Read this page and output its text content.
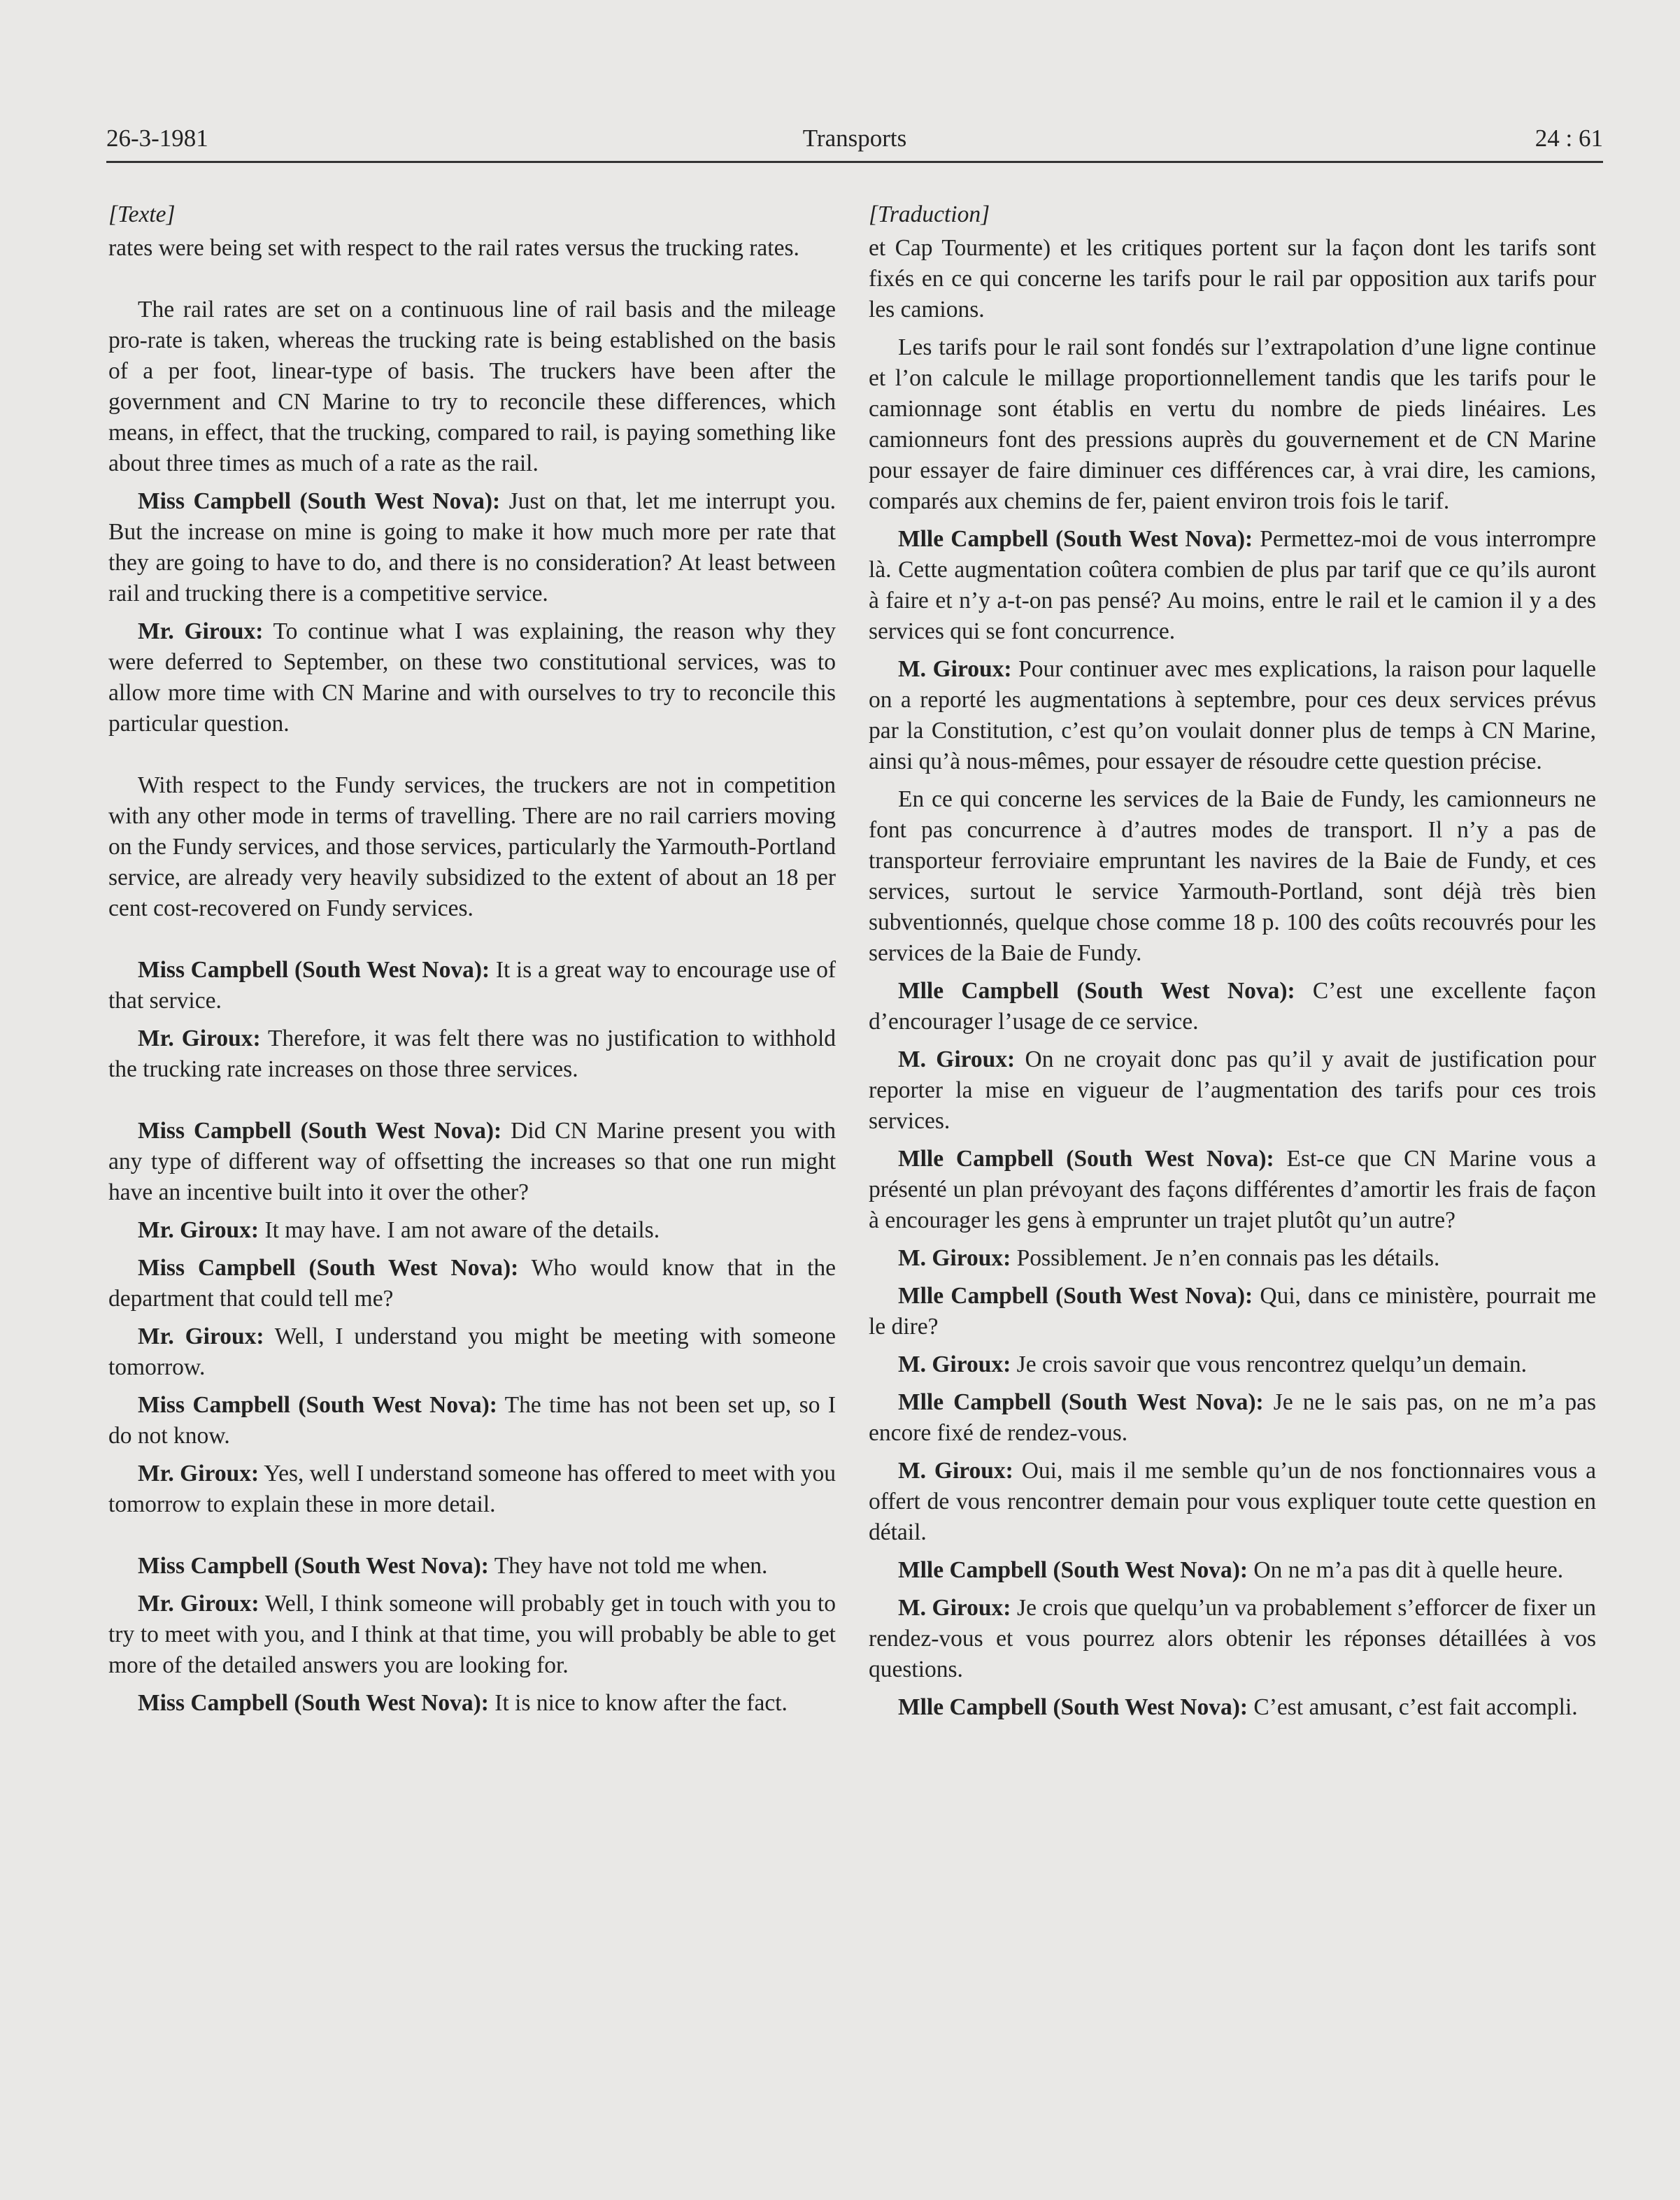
26-3-1981	Transports	24 : 61
[Texte]

rates were being set with respect to the rail rates versus the trucking rates.

The rail rates are set on a continuous line of rail basis and the mileage pro-rate is taken, whereas the trucking rate is being established on the basis of a per foot, linear-type of basis. The truckers have been after the government and CN Marine to try to reconcile these differences, which means, in effect, that the trucking, compared to rail, is paying something like about three times as much of a rate as the rail.

Miss Campbell (South West Nova): Just on that, let me interrupt you. But the increase on mine is going to make it how much more per rate that they are going to have to do, and there is no consideration? At least between rail and trucking there is a competitive service.

Mr. Giroux: To continue what I was explaining, the reason why they were deferred to September, on these two constitutional services, was to allow more time with CN Marine and with ourselves to try to reconcile this particular question.

With respect to the Fundy services, the truckers are not in competition with any other mode in terms of travelling. There are no rail carriers moving on the Fundy services, and those services, particularly the Yarmouth-Portland service, are already very heavily subsidized to the extent of about an 18 per cent cost-recovered on Fundy services.

Miss Campbell (South West Nova): It is a great way to encourage use of that service.

Mr. Giroux: Therefore, it was felt there was no justification to withhold the trucking rate increases on those three services.

Miss Campbell (South West Nova): Did CN Marine present you with any type of different way of offsetting the increases so that one run might have an incentive built into it over the other?

Mr. Giroux: It may have. I am not aware of the details.

Miss Campbell (South West Nova): Who would know that in the department that could tell me?

Mr. Giroux: Well, I understand you might be meeting with someone tomorrow.

Miss Campbell (South West Nova): The time has not been set up, so I do not know.

Mr. Giroux: Yes, well I understand someone has offered to meet with you tomorrow to explain these in more detail.

Miss Campbell (South West Nova): They have not told me when.

Mr. Giroux: Well, I think someone will probably get in touch with you to try to meet with you, and I think at that time, you will probably be able to get more of the detailed answers you are looking for.

Miss Campbell (South West Nova): It is nice to know after the fact.

[Traduction]

et Cap Tourmente) et les critiques portent sur la façon dont les tarifs sont fixés en ce qui concerne les tarifs pour le rail par opposition aux tarifs pour les camions.

Les tarifs pour le rail sont fondés sur l’extrapolation d’une ligne continue et l’on calcule le millage proportionnellement tandis que les tarifs pour le camionnage sont établis en vertu du nombre de pieds linéaires. Les camionneurs font des pressions auprès du gouvernement et de CN Marine pour essayer de faire diminuer ces différences car, à vrai dire, les camions, comparés aux chemins de fer, paient environ trois fois le tarif.

Mlle Campbell (South West Nova): Permettez-moi de vous interrompre là. Cette augmentation coûtera combien de plus par tarif que ce qu’ils auront à faire et n’y a-t-on pas pensé? Au moins, entre le rail et le camion il y a des services qui se font concurrence.

M. Giroux: Pour continuer avec mes explications, la raison pour laquelle on a reporté les augmentations à septembre, pour ces deux services prévus par la Constitution, c’est qu’on voulait donner plus de temps à CN Marine, ainsi qu’à nous-mêmes, pour essayer de résoudre cette question précise.

En ce qui concerne les services de la Baie de Fundy, les camionneurs ne font pas concurrence à d’autres modes de transport. Il n’y a pas de transporteur ferroviaire empruntant les navires de la Baie de Fundy, et ces services, surtout le service Yarmouth-Portland, sont déjà très bien subventionnés, quelque chose comme 18 p. 100 des coûts recouvrés pour les services de la Baie de Fundy.

Mlle Campbell (South West Nova): C’est une excellente façon d’encourager l’usage de ce service.

M. Giroux: On ne croyait donc pas qu’il y avait de justification pour reporter la mise en vigueur de l’augmentation des tarifs pour ces trois services.

Mlle Campbell (South West Nova): Est-ce que CN Marine vous a présenté un plan prévoyant des façons différentes d’amortir les frais de façon à encourager les gens à emprunter un trajet plutôt qu’un autre?

M. Giroux: Possiblement. Je n’en connais pas les détails.

Mlle Campbell (South West Nova): Qui, dans ce ministère, pourrait me le dire?

M. Giroux: Je crois savoir que vous rencontrez quelqu’un demain.

Mlle Campbell (South West Nova): Je ne le sais pas, on ne m’a pas encore fixé de rendez-vous.

M. Giroux: Oui, mais il me semble qu’un de nos fonctionnaires vous a offert de vous rencontrer demain pour vous expliquer toute cette question en détail.

Mlle Campbell (South West Nova): On ne m’a pas dit à quelle heure.

M. Giroux: Je crois que quelqu’un va probablement s’efforcer de fixer un rendez-vous et vous pourrez alors obtenir les réponses détaillées à vos questions.

Mlle Campbell (South West Nova): C’est amusant, c’est fait accompli.
